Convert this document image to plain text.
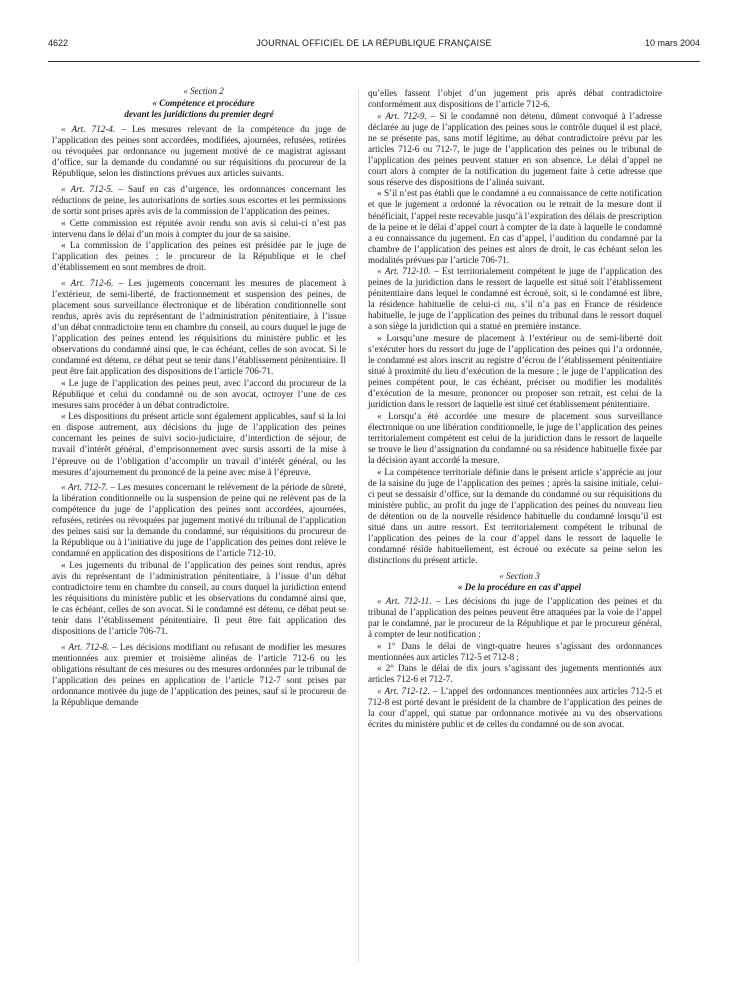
4622	JOURNAL OFFICIEL DE LA RÉPUBLIQUE FRANÇAISE	10 mars 2004

« Section 2

« Compétence et procédure
devant les juridictions du premier degré

« Art. 712-4. – Les mesures relevant de la compétence du juge de l’application des peines sont accordées, modifiées, ajournées, refusées, retirées ou révoquées par ordonnance ou jugement motivé de ce magistrat agissant d’office, sur la demande du condamné ou sur réquisitions du procureur de la République, selon les distinctions prévues aux articles suivants.

« Art. 712-5. – Sauf en cas d’urgence, les ordonnances concernant les réductions de peine, les autorisations de sorties sous escortes et les permissions de sortir sont prises après avis de la commission de l’application des peines.

« Cette commission est réputée avoir rendu son avis si celui-ci n’est pas intervenu dans le délai d’un mois à compter du jour de sa saisine.

« La commission de l’application des peines est présidée par le juge de l’application des peines ; le procureur de la République et le chef d’établissement en sont membres de droit.

« Art. 712-6. – Les jugements concernant les mesures de placement à l’extérieur, de semi-liberté, de fractionnement et suspension des peines, de placement sous surveillance électronique et de libération conditionnelle sont rendus, après avis du représentant de l’administration pénitentiaire, à l’issue d’un débat contradictoire tenu en chambre du conseil, au cours duquel le juge de l’application des peines entend les réquisitions du ministère public et les observations du condamné ainsi que, le cas échéant, celles de son avocat. Si le condamné est détenu, ce débat peut se tenir dans l’établissement pénitentiaire. Il peut être fait application des dispositions de l’article 706-71.

« Le juge de l’application des peines peut, avec l’accord du procureur de la République et celui du condamné ou de son avocat, octroyer l’une de ces mesures sans procéder à un débat contradictoire.

« Les dispositions du présent article sont également applicables, sauf si la loi en dispose autrement, aux décisions du juge de l’application des peines concernant les peines de suivi socio-judiciaire, d’interdiction de séjour, de travail d’intérêt général, d’emprisonnement avec sursis assorti de la mise à l’épreuve ou de l’obligation d’accomplir un travail d’intérêt général, ou les mesures d’ajournement du prononcé de la peine avec mise à l’épreuve.

« Art. 712-7. – Les mesures concernant le relèvement de la période de sûreté, la libération conditionnelle ou la suspension de peine qui ne relèvent pas de la compétence du juge de l’application des peines sont accordées, ajournées, refusées, retirées ou révoquées par jugement motivé du tribunal de l’application des peines saisi sur la demande du condamné, sur réquisitions du procureur de la République ou à l’initiative du juge de l’application des peines dont relève le condamné en application des dispositions de l’article 712-10.

« Les jugements du tribunal de l’application des peines sont rendus, après avis du représentant de l’administration pénitentiaire, à l’issue d’un débat contradictoire tenu en chambre du conseil, au cours duquel la juridiction entend les réquisitions du ministère public et les observations du condamné ainsi que, le cas échéant, celles de son avocat. Si le condamné est détenu, ce débat peut se tenir dans l’établissement pénitentiaire. Il peut être fait application des dispositions de l’article 706-71.

« Art. 712-8. – Les décisions modifiant ou refusant de modifier les mesures mentionnées aux premier et troisième alinéas de l’article 712-6 ou les obligations résultant de ces mesures ou des mesures ordonnées par le tribunal de l’application des peines en application de l’article 712-7 sont prises par ordonnance motivée du juge de l’application des peines, sauf si le procureur de la République demande

qu’elles fassent l’objet d’un jugement pris après débat contradictoire conformément aux dispositions de l’article 712-6.

« Art. 712-9. – Si le condamné non détenu, dûment convoqué à l’adresse déclarée au juge de l’application des peines sous le contrôle duquel il est placé, ne se présente pas, sans motif légitime, au débat contradictoire prévu par les articles 712-6 ou 712-7, le juge de l’application des peines ou le tribunal de l’application des peines peuvent statuer en son absence. Le délai d’appel ne court alors à compter de la notification du jugement faite à cette adresse que sous réserve des dispositions de l’alinéa suivant.

« S’il n’est pas établi que le condamné a eu connaissance de cette notification et que le jugement a ordonné la révocation ou le retrait de la mesure dont il bénéficiait, l’appel reste recevable jusqu’à l’expiration des délais de prescription de la peine et le délai d’appel court à compter de la date à laquelle le condamné a eu connaissance du jugement. En cas d’appel, l’audition du condamné par la chambre de l’application des peines est alors de droit, le cas échéant selon les modalités prévues par l’article 706-71.

« Art. 712-10. – Est territorialement compétent le juge de l’application des peines de la juridiction dans le ressort de laquelle est situé soit l’établissement pénitentiaire dans lequel le condamné est écroué, soit, si le condamné est libre, la résidence habituelle de celui-ci ou, s’il n’a pas en France de résidence habituelle, le juge de l’application des peines du tribunal dans le ressort duquel a son siège la juridiction qui a statué en première instance.

« Lorsqu’une mesure de placement à l’extérieur ou de semi-liberté doit s’exécuter hors du ressort du juge de l’application des peines qui l’a ordonnée, le condamné est alors inscrit au registre d’écrou de l’établissement pénitentiaire situé à proximité du lieu d’exécution de la mesure ; le juge de l’application des peines compétent pour, le cas échéant, préciser ou modifier les modalités d’exécution de la mesure, prononcer ou proposer son retrait, est celui de la juridiction dans le ressort de laquelle est situé cet établissement pénitentiaire.

« Lorsqu’a été accordée une mesure de placement sous surveillance électronique ou une libération conditionnelle, le juge de l’application des peines territorialement compétent est celui de la juridiction dans le ressort de laquelle se trouve le lieu d’assignation du condamné ou sa résidence habituelle fixée par la décision ayant accordé la mesure.

« La compétence territoriale définie dans le présent article s’apprécie au jour de la saisine du juge de l’application des peines ; après la saisine initiale, celui-ci peut se dessaisir d’office, sur la demande du condamné ou sur réquisitions du ministère public, au profit du juge de l’application des peines du nouveau lieu de détention ou de la nouvelle résidence habituelle du condamné lorsqu’il est situé dans un autre ressort. Est territorialement compétent le tribunal de l’application des peines de la cour d’appel dans le ressort de laquelle le condamné réside habituellement, est écroué ou exécute sa peine selon les distinctions du présent article.

« Section 3

« De la procédure en cas d’appel

« Art. 712-11. – Les décisions du juge de l’application des peines et du tribunal de l’application des peines peuvent être attaquées par la voie de l’appel par le condamné, par le procureur de la République et par le procureur général, à compter de leur notification :

« 1° Dans le délai de vingt-quatre heures s’agissant des ordonnances mentionnées aux articles 712-5 et 712-8 ;

« 2° Dans le délai de dix jours s’agissant des jugements mentionnés aux articles 712-6 et 712-7.

« Art. 712-12. – L’appel des ordonnances mentionnées aux articles 712-5 et 712-8 est porté devant le président de la chambre de l’application des peines de la cour d’appel, qui statue par ordonnance motivée au vu des observations écrites du ministère public et de celles du condamné ou de son avocat.
